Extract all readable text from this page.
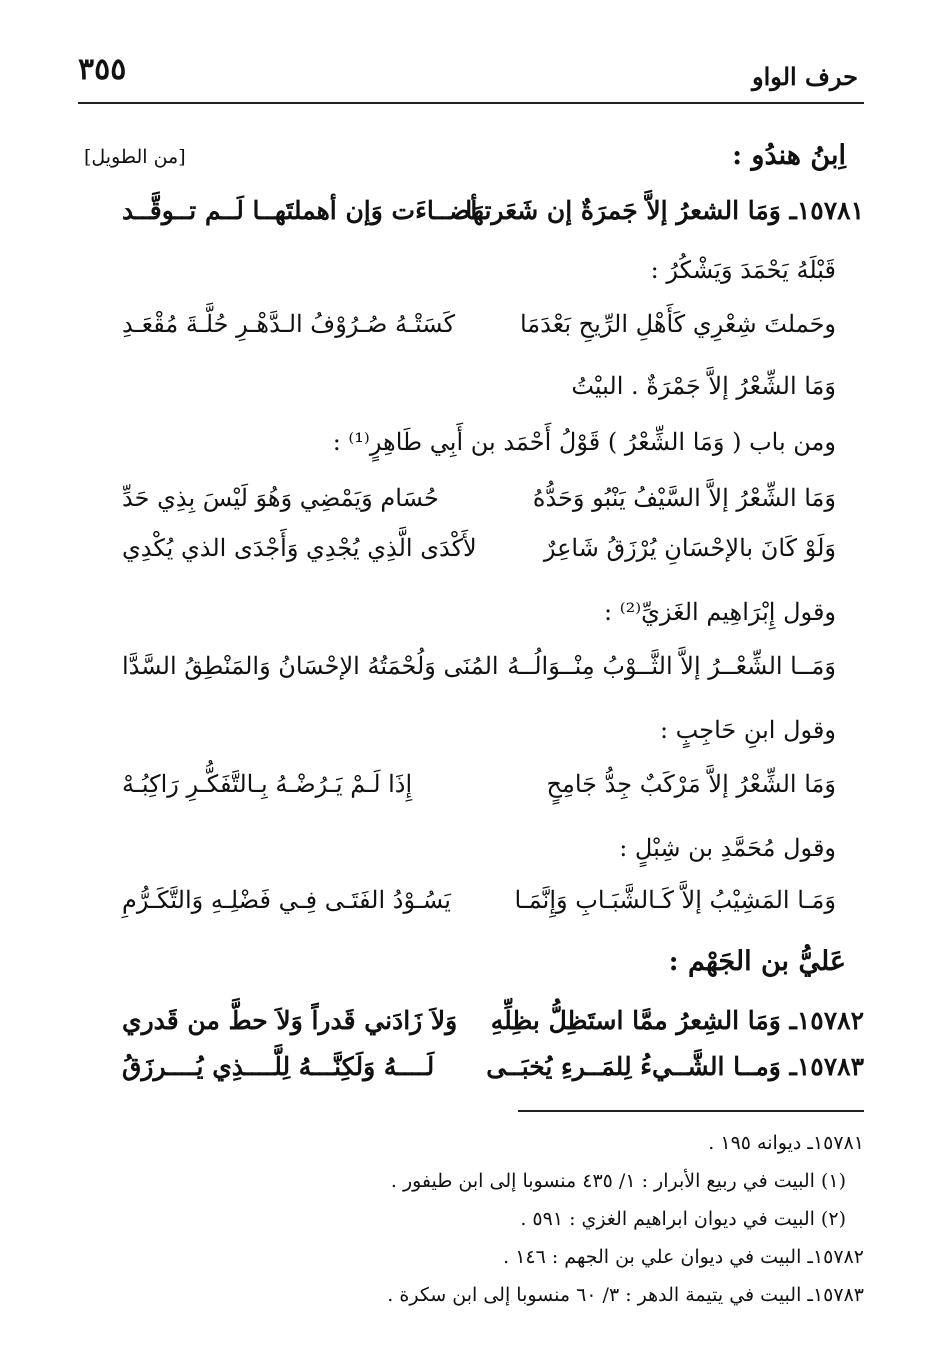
٣٥٥	حرف الواو
اِبنُ هندُو :
[من الطويل]
١٥٧٨١ـ وَمَا الشعرُ إلاَّ جَمرَةٌ إن شَعَرتهَا
أضــاءَت وَإن أهملتَهــا لَــم تــوقَّــد
قَبْلَهُ يَحْمَدَ وَيَشْكُرُ :
وحَملتَ شِعْرِي كَأَهْلِ الرِّيحِ بَعْدَمَا
كَسَتْـهُ صُـرُوْفُ الـدَّهْـرِ حُلَّـةَ مُقْعَـدِ
وَمَا الشِّعْرُ إلاَّ جَمْرَةٌ . البيْتُ
ومن باب ( وَمَا الشِّعْرُ ) قَوْلُ أَحْمَد بن أَبِي طَاهِرٍ⁽¹⁾ :
وَمَا الشِّعْرُ إلاَّ السَّيْفُ يَنْبُو وَحَدُّهُ
حُسَام وَيَمْضِي وَهُوَ لَيْسَ بِذِي حَدِّ
وَلَوْ كَانَ بالإحْسَانِ يُرْزَقُ شَاعِرٌ
لأَكْدَى الَّذِي يُجْدِي وَأَجْدَى الذي يُكْدِي
وقول إِبْرَاهِيم الغَزيِّ⁽²⁾ :
وَمَــا الشِّعْــرُ إلاَّ الثَّــوْبُ مِنْــوَالُــهُ
المُنَى وَلُحْمَتُهُ الإحْسَانُ وَالمَنْطِقُ السَّدَّا
وقول ابنِ حَاجِبٍ :
وَمَا الشِّعْرُ إلاَّ مَرْكَبٌ جِدُّ جَامِحٍ
إِذَا لَـمْ يَـرُضْـهُ بِـالتَّفَكُّـرِ رَاكِبُـهْ
وقول مُحَمَّدِ بن شِبْلٍ :
وَمَـا المَشِيْبُ إلاَّ كَـالشَّبَـابِ وَإِنَّمَـا
يَسُـوْدُ الفَتَـى فِـي فَضْلِـهِ وَالتَّكَـرُّمِ
عَليُّ بن الجَهْم :
١٥٧٨٢ـ وَمَا الشِعرُ ممَّا استَظِلُّ بظِلِّهِ
وَلاَ زَادَني قَدراً وَلاَ حطَّ من قَدري
١٥٧٨٣ـ وَمــا الشَّــيءُ لِلمَــرءِ يُخبَــى
لَــــهُ وَلَكِنَّـــهُ لِلَّــــذِي يُــــرزَقُ
١٥٧٨١ـ ديوانه ١٩٥ .
(١) البيت في ربيع الأبرار : ١/ ٤٣٥ منسوبا إلى ابن طيفور .
(٢) البيت في ديوان ابراهيم الغزي : ٥٩١ .
١٥٧٨٢ـ البيت في ديوان علي بن الجهم : ١٤٦ .
١٥٧٨٣ـ البيت في يتيمة الدهر : ٣/ ٦٠ منسوبا إلى ابن سكرة .
